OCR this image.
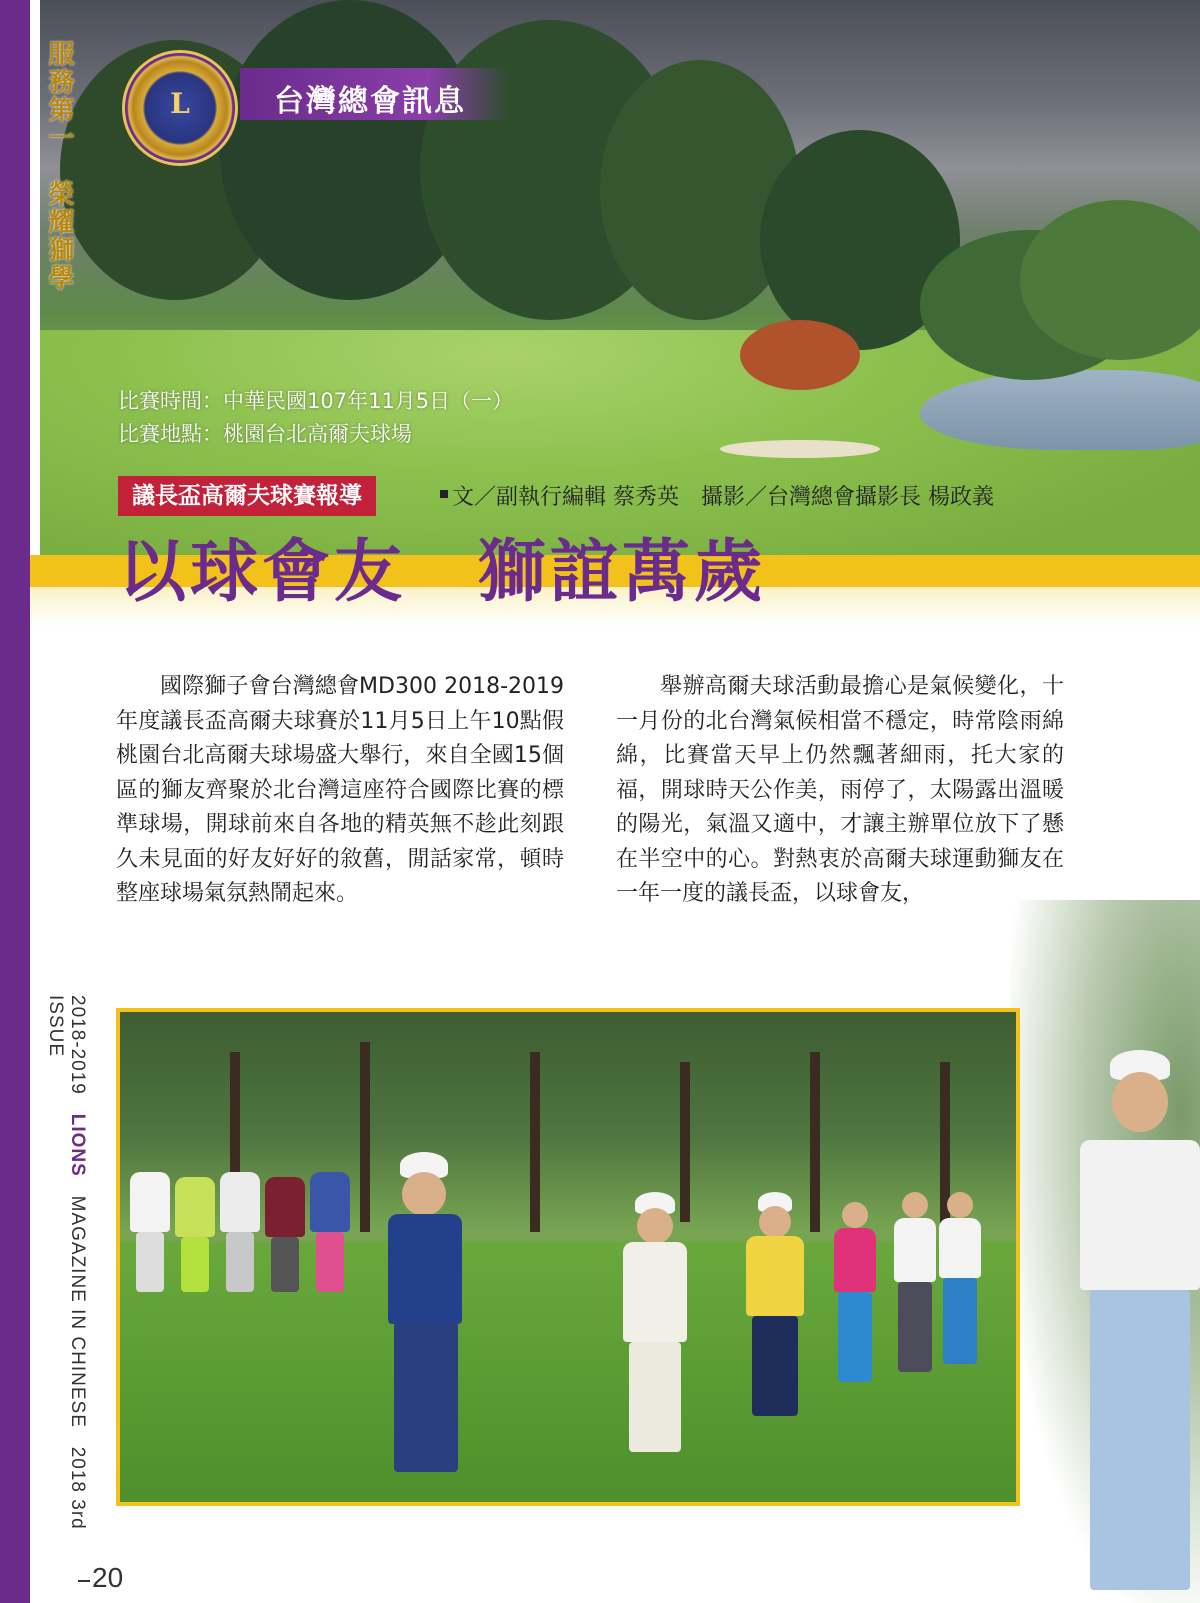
服務第一　榮耀獅學	L	台灣總會訊息
比賽時間：中華民國107年11月5日（一）
比賽地點：桃園台北高爾夫球場
議長盃高爾夫球賽報導	文／副執行編輯 蔡秀英　攝影／台灣總會攝影長 楊政義
以球會友　獅誼萬歲
國際獅子會台灣總會MD300 2018-2019年度議長盃高爾夫球賽於11月5日上午10點假桃園台北高爾夫球場盛大舉行，來自全國15個區的獅友齊聚於北台灣這座符合國際比賽的標準球場，開球前來自各地的精英無不趁此刻跟久未見面的好友好好的敘舊，閒話家常，頓時整座球場氣氛熱鬧起來。
舉辦高爾夫球活動最擔心是氣候變化，十一月份的北台灣氣候相當不穩定，時常陰雨綿綿，比賽當天早上仍然飄著細雨，托大家的福，開球時天公作美，雨停了，太陽露出溫暖的陽光，氣溫又適中，才讓主辦單位放下了懸在半空中的心。對熱衷於高爾夫球運動獅友在一年一度的議長盃，以球會友，
2018-2019   LIONS   MAGAZINE IN CHINESE   2018 3rd ISSUE
20
